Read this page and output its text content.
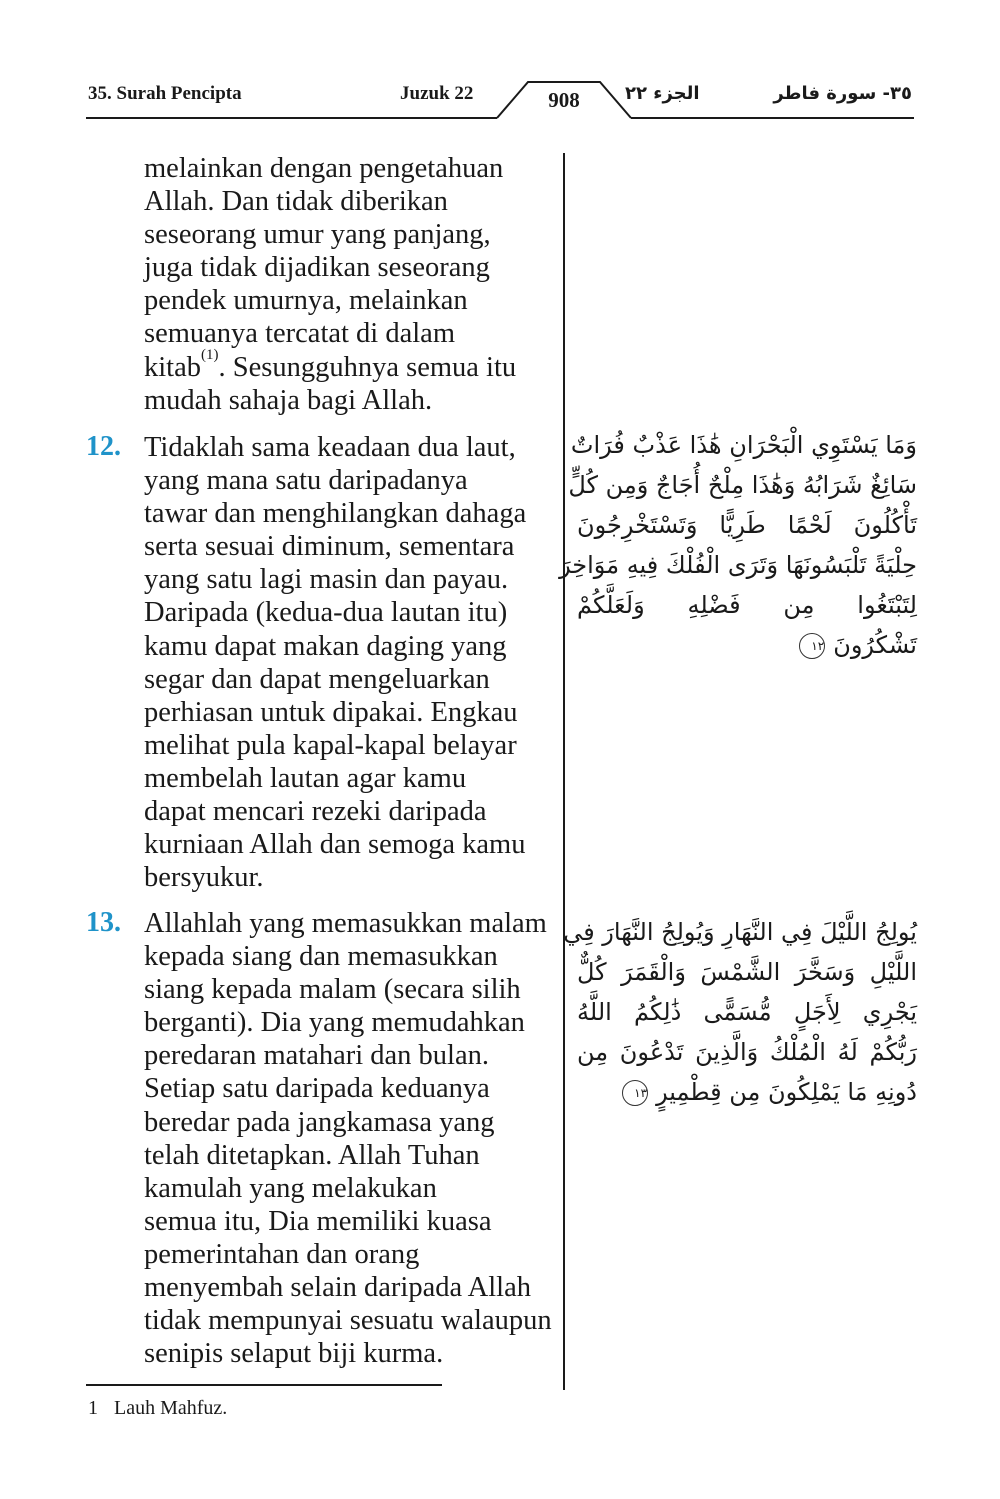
35. Surah Pencipta	Juzuk 22	908	الجزء ٢٢	٣٥- سورة فاطر
melainkan dengan pengetahuan
Allah. Dan tidak diberikan
seseorang umur yang panjang,
juga tidak dijadikan seseorang
pendek umurnya, melainkan
semuanya tercatat di dalam
kitab$^{(1)}$. Sesungguhnya semua itu
mudah sahaja bagi Allah.
12. Tidaklah sama keadaan dua laut,
yang mana satu daripadanya
tawar dan menghilangkan dahaga
serta sesuai diminum, sementara
yang satu lagi masin dan payau.
Daripada (kedua-dua lautan itu)
kamu dapat makan daging yang
segar dan dapat mengeluarkan
perhiasan untuk dipakai. Engkau
melihat pula kapal-kapal belayar
membelah lautan agar kamu
dapat mencari rezeki daripada
kurniaan Allah dan semoga kamu
bersyukur.
وَمَا يَسْتَوِي الْبَحْرَانِ هَٰذَا عَذْبٌ فُرَاتٌ
سَائِغٌ شَرَابُهُ وَهَٰذَا مِلْحٌ أُجَاجٌ وَمِن كُلٍّ
تَأْكُلُونَ لَحْمًا طَرِيًّا وَتَسْتَخْرِجُونَ
حِلْيَةً تَلْبَسُونَهَا وَتَرَى الْفُلْكَ فِيهِ مَوَاخِرَ
لِتَبْتَغُوا مِن فَضْلِهِ وَلَعَلَّكُمْ
تَشْكُرُونَ١٢
13. Allahlah yang memasukkan malam
kepada siang dan memasukkan
siang kepada malam (secara silih
berganti). Dia yang memudahkan
peredaran matahari dan bulan.
Setiap satu daripada keduanya
beredar pada jangkamasa yang
telah ditetapkan. Allah Tuhan
kamulah yang melakukan
semua itu, Dia memiliki kuasa
pemerintahan dan orang
menyembah selain daripada Allah
tidak mempunyai sesuatu walaupun
senipis selaput biji kurma.
يُولِجُ اللَّيْلَ فِي النَّهَارِ وَيُولِجُ النَّهَارَ فِي
اللَّيْلِ وَسَخَّرَ الشَّمْسَ وَالْقَمَرَ كُلٌّ
يَجْرِي لِأَجَلٍ مُّسَمًّى ذَٰلِكُمُ اللَّهُ
رَبُّكُمْ لَهُ الْمُلْكُ وَالَّذِينَ تَدْعُونَ مِن
دُونِهِ مَا يَمْلِكُونَ مِن قِطْمِيرٍ١٣
1 Lauh Mahfuz.
